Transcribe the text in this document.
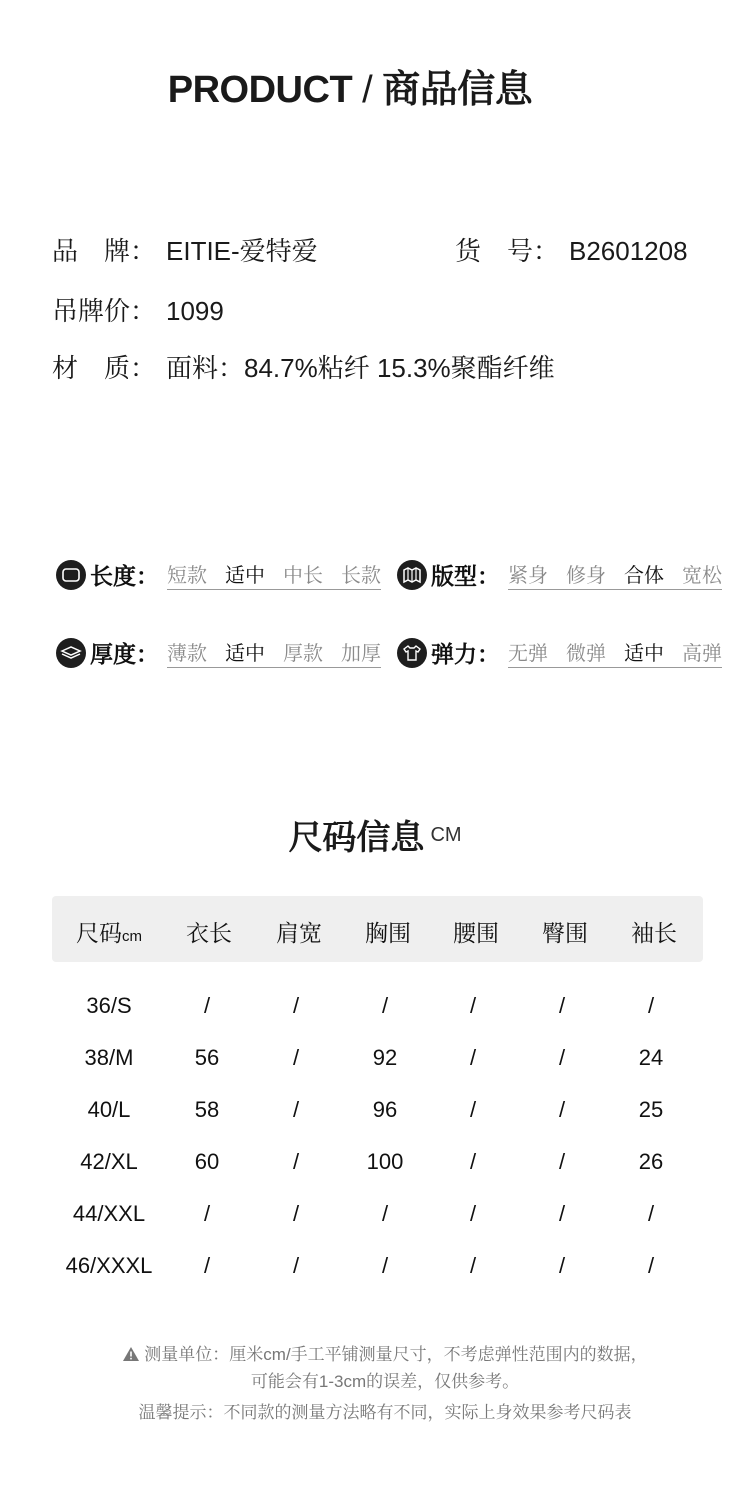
PRODUCT / 商品信息
品　牌： EITIE-爱特爱	货　号： B2601208
吊牌价： 1099
材　质： 面料：84.7%粘纤 15.3%聚酯纤维
长度： 短款 适中 中长 长款 版型： 紧身 修身 合体 宽松
厚度： 薄款 适中 厚款 加厚 弹力： 无弹 微弹 适中 高弹
尺码信息 $^{CM}$
尺码cm	衣长	肩宽	胸围	腰围	臀围	袖长
36/S	/	/	/	/	/	/
38/M	56	/	92	/	/	24
40/L	58	/	96	/	/	25
42/XL	60	/	100	/	/	26
44/XXL	/	/	/	/	/	/
46/XXXL	/	/	/	/	/	/
测量单位：厘米cm/手工平铺测量尺寸，不考虑弹性范围内的数据，
可能会有1-3cm的误差，仅供参考。
温馨提示：不同款的测量方法略有不同，实际上身效果参考尺码表
